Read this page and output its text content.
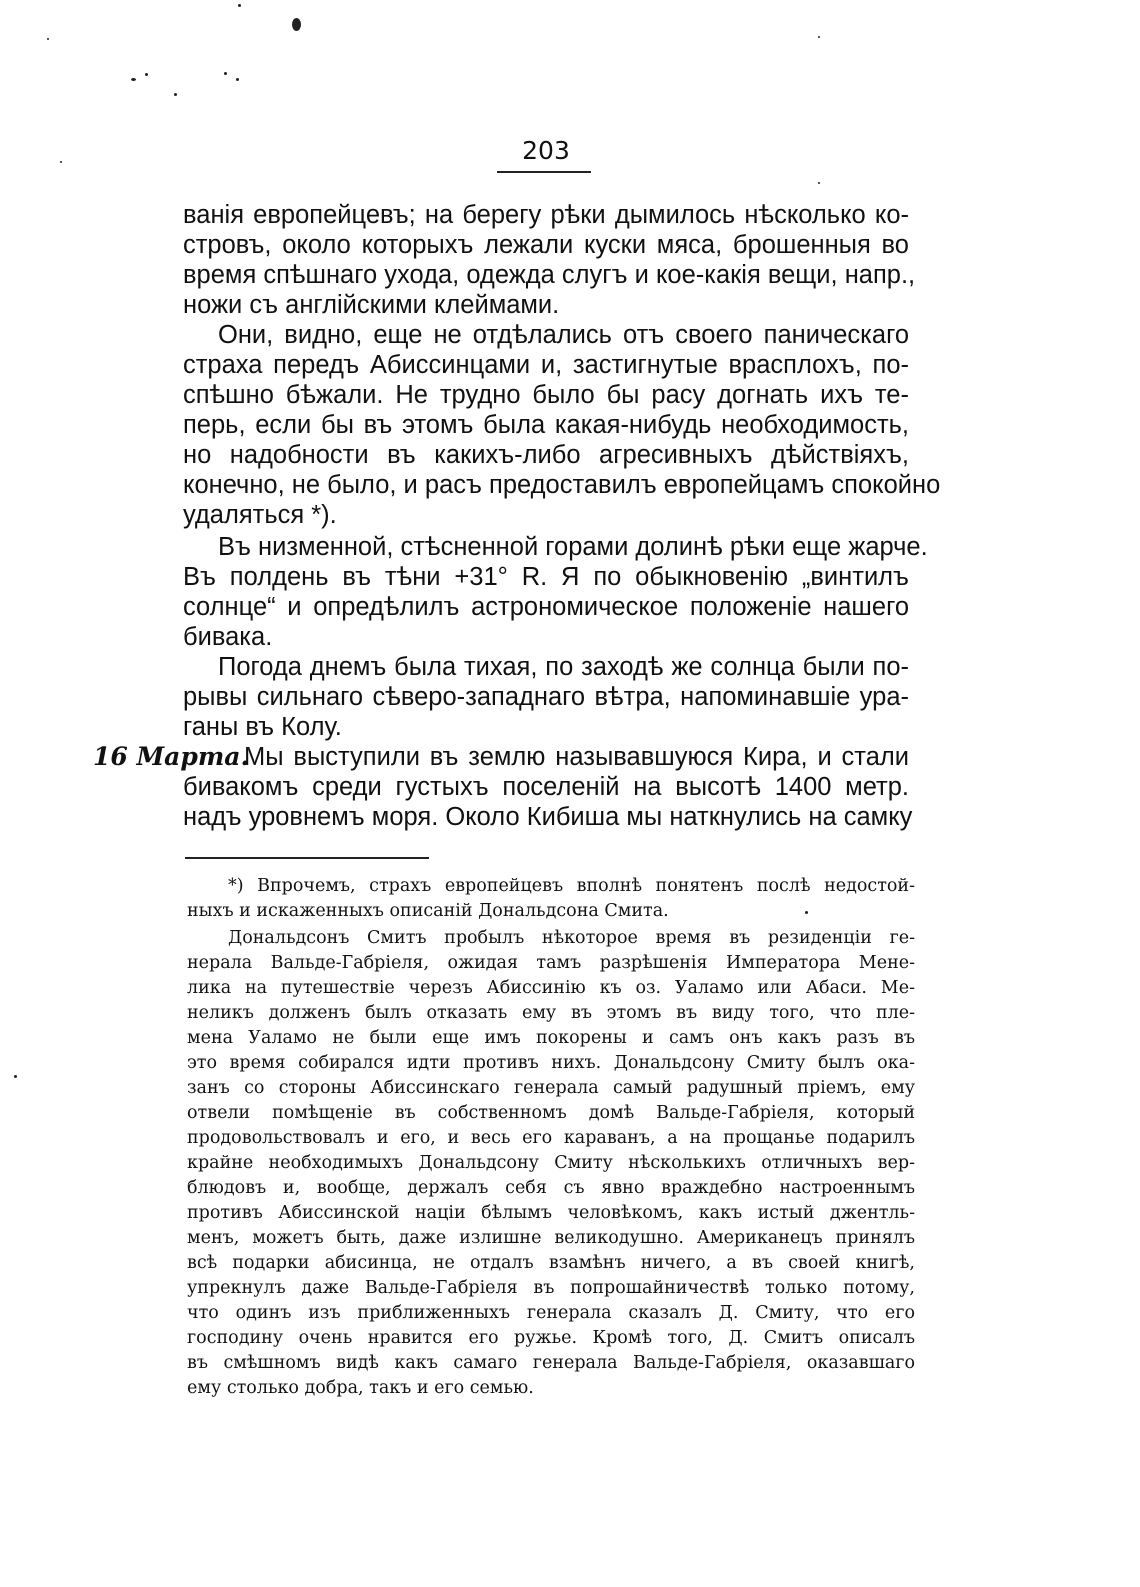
203
ванія европейцевъ; на берегу рѣки дымилось нѣсколько ко-
стровъ, около которыхъ лежали куски мяса, брошенныя во
время спѣшнаго ухода, одежда слугъ и кое-какія вещи, напр.,
ножи съ англійскими клеймами.
Они, видно, еще не отдѣлались отъ своего паническаго
страха передъ Абиссинцами и, застигнутые врасплохъ, по-
спѣшно бѣжали. Не трудно было бы расу догнать ихъ те-
перь, если бы въ этомъ была какая-нибудь необходимость,
но надобности въ какихъ-либо агресивныхъ дѣйствіяхъ,
конечно, не было, и расъ предоставилъ европейцамъ спокойно
удаляться *).
Въ низменной, стѣсненной горами долинѣ рѣки еще жарче.
Въ полдень въ тѣни +31° R. Я по обыкновенію „винтилъ
солнце“ и опредѣлилъ астрономическое положеніе нашего
бивака.
Погода днемъ была тихая, по заходѣ же солнца были по-
рывы сильнаго сѣверо-западнаго вѣтра, напоминавшіе ура-
ганы въ Колу.
16 Марта.
Мы выступили въ землю называвшуюся Кира, и стали
бивакомъ среди густыхъ поселеній на высотѣ 1400 метр.
надъ уровнемъ моря. Около Кибиша мы наткнулись на самку
*) Впрочемъ, страхъ европейцевъ вполнѣ понятенъ послѣ недостой-
ныхъ и искаженныхъ описаній Дональдсона Смита.
Дональдсонъ Смитъ пробылъ нѣкоторое время въ резиденціи ге-
нерала Вальде-Габріеля, ожидая тамъ разрѣшенія Императора Мене-
лика на путешествіе черезъ Абиссинію къ оз. Уаламо или Абаси. Ме-
неликъ долженъ былъ отказать ему въ этомъ въ виду того, что пле-
мена Уаламо не были еще имъ покорены и самъ онъ какъ разъ въ
это время собирался идти противъ нихъ. Дональдсону Смиту былъ ока-
занъ со стороны Абиссинскаго генерала самый радушный пріемъ, ему
отвели помѣщеніе въ собственномъ домѣ Вальде-Габріеля, который
продовольствовалъ и его, и весь его караванъ, а на прощанье подарилъ
крайне необходимыхъ Дональдсону Смиту нѣсколькихъ отличныхъ вер-
блюдовъ и, вообще, держалъ себя съ явно враждебно настроеннымъ
противъ Абиссинской націи бѣлымъ человѣкомъ, какъ истый джентль-
менъ, можетъ быть, даже излишне великодушно. Американецъ принялъ
всѣ подарки абисинца, не отдалъ взамѣнъ ничего, а въ своей книгѣ,
упрекнулъ даже Вальде-Габріеля въ попрошайничествѣ только потому,
что одинъ изъ приближенныхъ генерала сказалъ Д. Смиту, что его
господину очень нравится его ружье. Кромѣ того, Д. Смитъ описалъ
въ смѣшномъ видѣ какъ самаго генерала Вальде-Габріеля, оказавшаго
ему столько добра, такъ и его семью.
